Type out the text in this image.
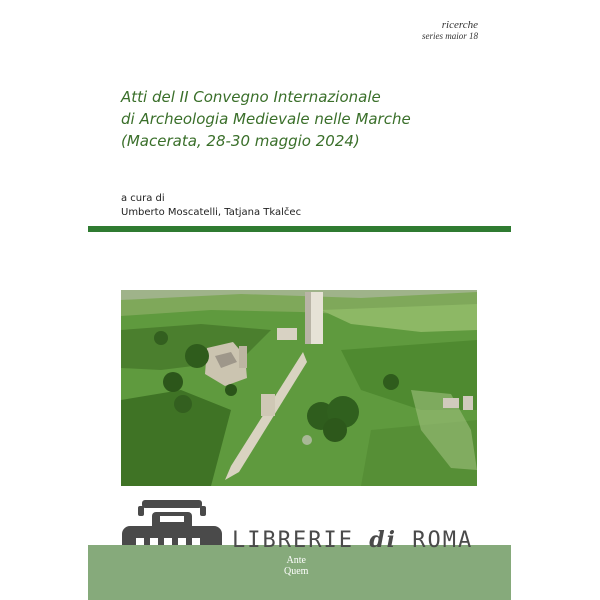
ricerche
series maior 18
Atti del II Convegno Internazionale
di Archeologia Medievale nelle Marche
(Macerata, 28-30 maggio 2024)
a cura di
Umberto Moscatelli, Tatjana Tkalčec
LIBRERIE di ROMA
Ante
Quem
